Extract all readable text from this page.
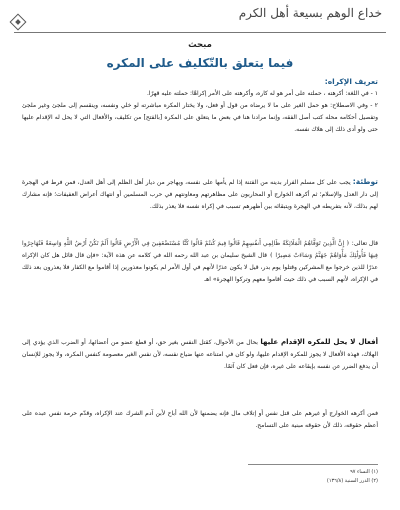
خداع الوهم بسيعة أهل الكرم
مبحث
فيما يتعلق بالتّكليف على المكره
تعريف الإكراه:
١ - في اللغة: أكرهته ، حملته على أمر هو له كاره، وأكرهته على الأمر إكراهًا: حملته عليه قهرًا.
٢ - وفي الاصطلاح: هو حمل الغير على ما لا يرضاه من قول أو فعل، ولا يختار المكره مباشرته لو خلي ونفسه، وينقسم إلى ملجئ وغير ملجئ وتفصيل أحكامه محله كتب أصل الفقه، وإنما مرادنا هنا في بعض ما يتعلق على المكره [بالفتح] من تكليف، والأفعال التي لا يحل له الإقدام عليها حتى ولو أدى ذلك إلى هلاك نفسه.
توطئة: يجب على كل مسلم الفرار بدينه من الفتنة إذا لم يأمها على نفسه، ويهاجر من ديار أهل الظلم إلى أهل العدل، فمن فرط في الهجرة إلى دار العدل والإسلام؛ ثم أكرهه الخوارج أو المحاربون على مظاهرتهم ومعاونتهم في حرب المسلمين أو انتهاك أعراض العفيفات؛ فإنه مشارك لهم بذلك، لأنه بتفريطه في الهجرة ويتبقائه بين أظهرهم تسبب في إكراه نفسه فلا يعذر بذلك.
قال تعالى: ﴿ إِنَّ الَّذِينَ تَوَفَّاهُمُ الْمَلَائِكَةُ ظَالِمِي أَنفُسِهِمْ قَالُوا فِيمَ كُنتُمْ قَالُوا كُنَّا مُسْتَضْعَفِينَ فِي الْأَرْضِ قَالُوا أَلَمْ تَكُنْ أَرْضُ اللَّهِ وَاسِعَةً فَتُهَاجِرُوا فِيهَا فَأُولَٰئِكَ مَأْوَاهُمْ جَهَنَّمُ وَسَاءَتْ مَصِيرًا ﴾ قال الشيخ سليمان بن عبد الله رحمه الله في كلامه عن هذه الآية: «فإن قال قائل هل كان الإكراه عذرًا للذين خرجوا مع المشركين وقتلوا يوم بدر، قيل لا يكون عذرًا لأنهم في أول الأمر لم يكونوا معذورين إذا أقاموا مع الكفار فلا يعذرون بعد ذلك في الإكراه، لأنهم السبب في ذلك حيث أقاموا معهم وتركوا الهجرة» اهـ
أفعال لا يحل للمكره الإقدام عليها بحال من الأحوال، كقتل النفس بغير حق، أو قطع عضو من أعضائها، أو الضرب الذي يؤدي إلى الهلاك، فهذه الأفعال لا يجوز للمكره الإقدام عليها، ولو كان في امتناعه عنها ضياع نفسه، لأن نفس الغير معصومة كنفس المكره، ولا يجوز للإنسان أن يدفع الضرر عن نفسه بإيقاعه على غيره، فإن فعل كان آثمًا.
فمن أكرهه الخوارج أو غيرهم على قتل نفس أو إتلاف مال فإنه يضمنها لأن الله أباح لأبن آدم الشرك عند الإكراه، وقدّم حرمة نفس عبده على أعظم حقوقه، ذلك لأن حقوقه مبنية على التسامح.
(١) النساء ٩٧
(٢) الدرر السنية (١٣٦/٨)
